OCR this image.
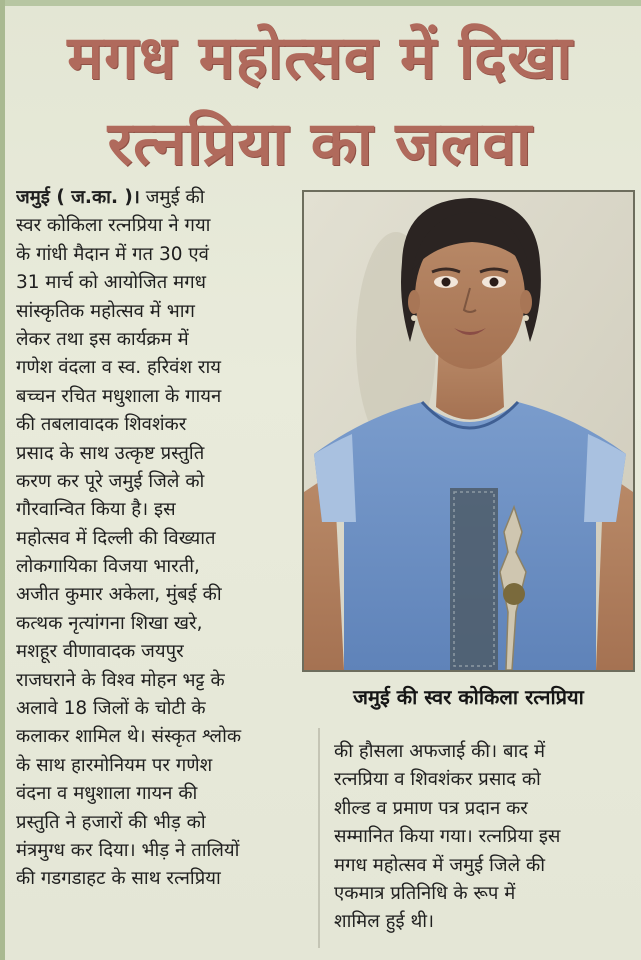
मगध महोत्सव में दिखा
रत्नप्रिया का जलवा
जमुई ( ज.का. )। जमुई की
स्वर कोकिला रत्नप्रिया ने गया
के गांधी मैदान में गत 30 एवं
31 मार्च को आयोजित मगध
सांस्कृतिक महोत्सव में भाग
लेकर तथा इस कार्यक्रम में
गणेश वंदला व स्व. हरिवंश राय
बच्चन रचित मधुशाला के गायन
की तबलावादक शिवशंकर
प्रसाद के साथ उत्कृष्ट प्रस्तुति
करण कर पूरे जमुई जिले को
गौरवान्वित किया है। इस
महोत्सव में दिल्ली की विख्यात
लोकगायिका विजया भारती,
अजीत कुमार अकेला, मुंबई की
कत्थक नृत्यांगना शिखा खरे,
मशहूर वीणावादक जयपुर
राजघराने के विश्व मोहन भट्ट के
अलावे 18 जिलों के चोटी के
कलाकर शामिल थे। संस्कृत श्लोक
के साथ हारमोनियम पर गणेश
वंदना व मधुशाला गायन की
प्रस्तुति ने हजारों की भीड़ को
मंत्रमुग्ध कर दिया। भीड़ ने तालियों
की गडगडाहट के साथ रत्नप्रिया
जमुई की स्वर कोकिला रत्नप्रिया
की हौसला अफजाई की। बाद में
रत्नप्रिया व शिवशंकर प्रसाद को
शील्ड व प्रमाण पत्र प्रदान कर
सम्मानित किया गया। रत्नप्रिया इस
मगध महोत्सव में जमुई जिले की
एकमात्र प्रतिनिधि के रूप में
शामिल हुई थी।
